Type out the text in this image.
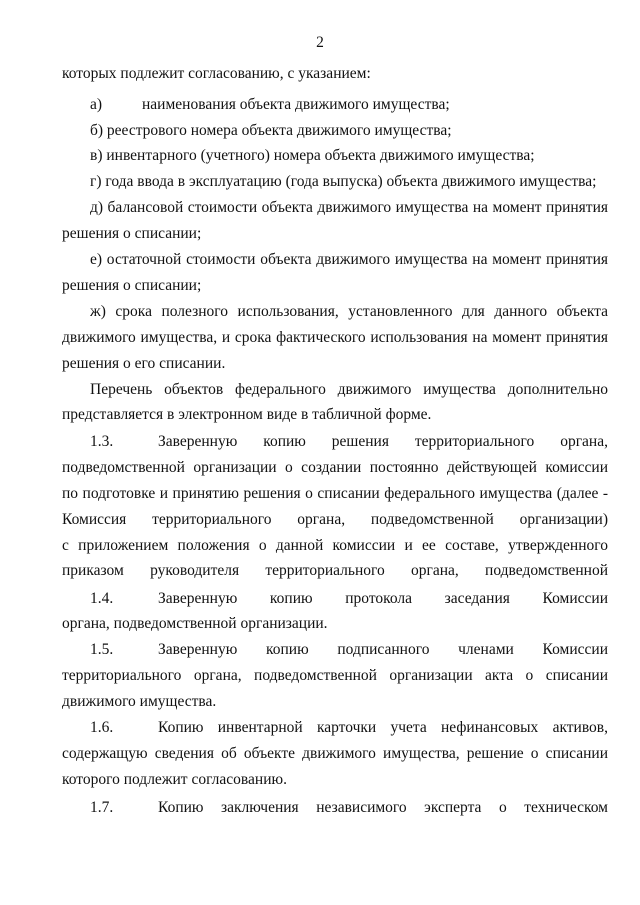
2
которых подлежит согласованию, с указанием:
а)	наименования объекта движимого имущества;
б) реестрового номера объекта движимого имущества;
в) инвентарного (учетного) номера объекта движимого имущества;
г) года ввода в эксплуатацию (года выпуска) объекта движимого имущества;
д) балансовой стоимости объекта движимого имущества на момент принятия
решения о списании;
е) остаточной стоимости объекта движимого имущества на момент принятия
решения о списании;
ж) срока полезного использования, установленного для данного объекта
движимого имущества, и срока фактического использования на момент принятия
решения о его списании.
Перечень объектов федерального движимого имущества дополнительно
представляется в электронном виде в табличной форме.
1.3.	Заверенную копию решения территориального органа,
подведомственной организации о создании постоянно действующей комиссии
по подготовке и принятию решения о списании федерального имущества (далее -
Комиссия территориального органа, подведомственной организации)
с приложением положения о данной комиссии и ее составе, утвержденного
приказом руководителя территориального органа, подведомственной
1.4.	Заверенную копию протокола заседания Комиссии
органа, подведомственной организации.
1.5.	Заверенную копию подписанного членами Комиссии
территориального органа, подведомственной организации акта о списании
движимого имущества.
1.6.	Копию инвентарной карточки учета нефинансовых активов,
содержащую сведения об объекте движимого имущества, решение о списании
которого подлежит согласованию.
1.7.	Копию заключения независимого эксперта о техническом
